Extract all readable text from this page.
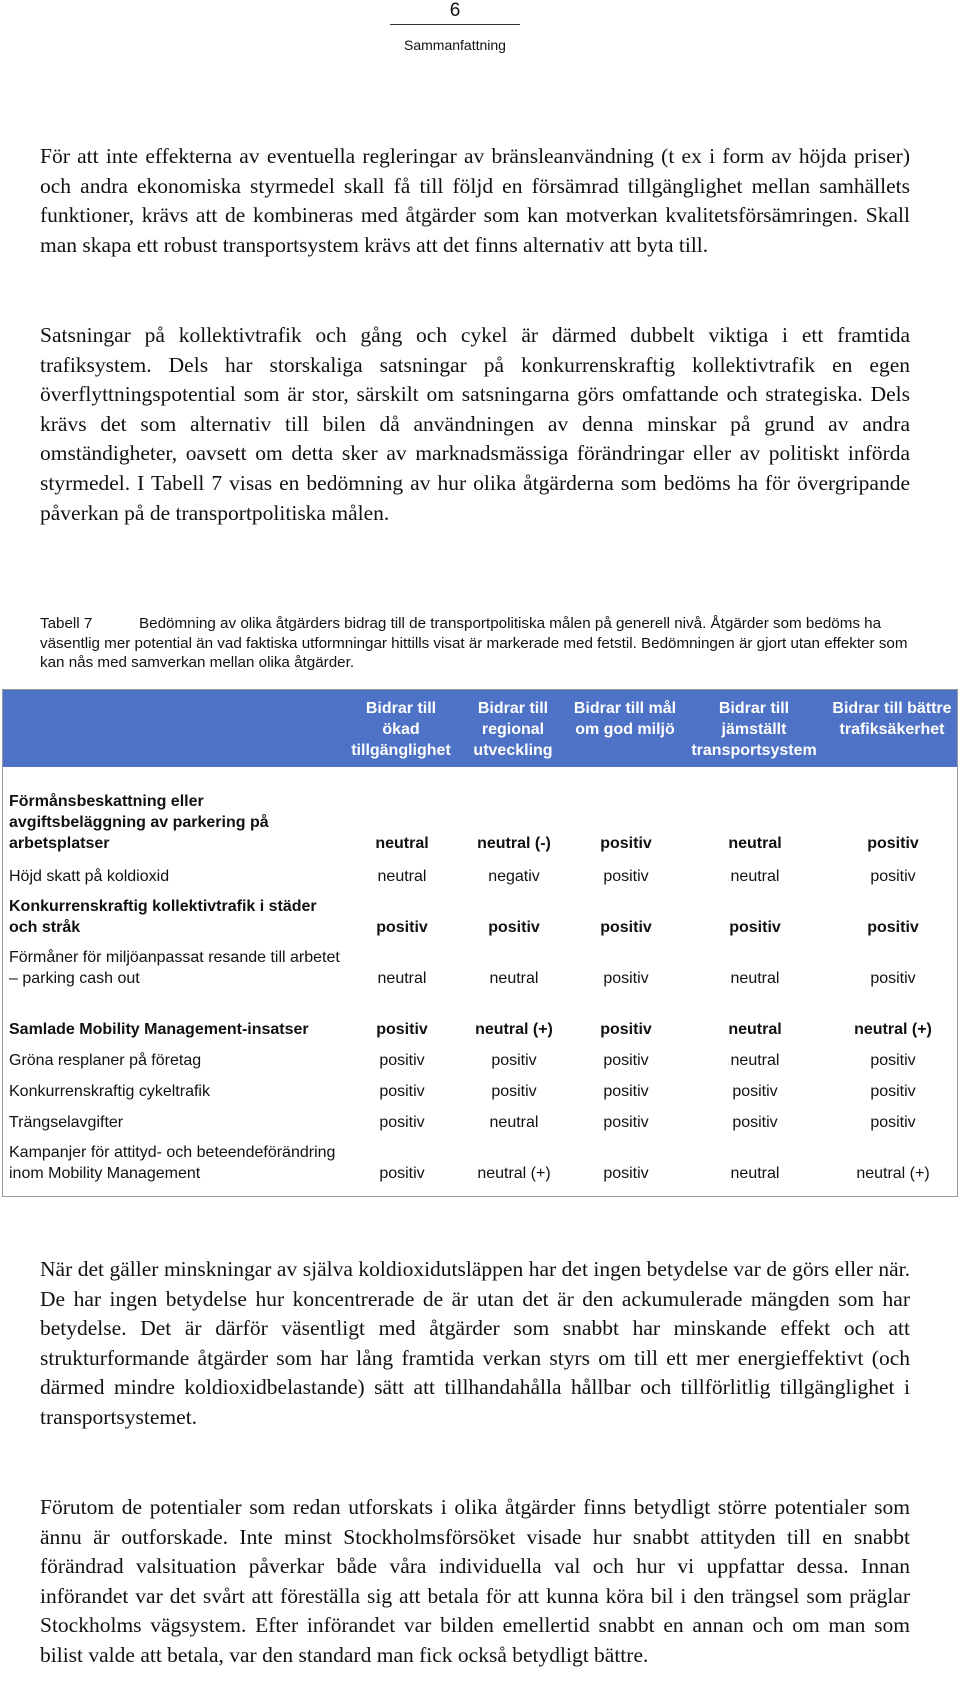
6
Sammanfattning

För att inte effekterna av eventuella regleringar av bränsleanvändning (t ex i form av höjda priser) och andra ekonomiska styrmedel skall få till följd en försämrad tillgänglighet mellan samhällets funktioner, krävs att de kombineras med åtgärder som kan motverkan kvalitetsförsämringen. Skall man skapa ett robust transportsystem krävs att det finns alternativ att byta till.

Satsningar på kollektivtrafik och gång och cykel är därmed dubbelt viktiga i ett framtida trafiksystem. Dels har storskaliga satsningar på konkurrenskraftig kollektivtrafik en egen överflyttningspotential som är stor, särskilt om satsningarna görs omfattande och strategiska. Dels krävs det som alternativ till bilen då användningen av denna minskar på grund av andra omständigheter, oavsett om detta sker av marknadsmässiga förändringar eller av politiskt införda styrmedel. I Tabell 7 visas en bedömning av hur olika åtgärderna som bedöms ha för övergripande påverkan på de transportpolitiska målen.

Tabell 7	Bedömning av olika åtgärders bidrag till de transportpolitiska målen på generell nivå. Åtgärder som bedöms ha väsentlig mer potential än vad faktiska utformningar hittills visat är markerade med fetstil. Bedömningen är gjort utan effekter som kan nås med samverkan mellan olika åtgärder.

	Bidrar till ökad tillgänglighet	Bidrar till regional utveckling	Bidrar till mål om god miljö	Bidrar till jämställt transportsystem	Bidrar till bättre trafiksäkerhet
Förmånsbeskattning eller avgiftsbeläggning av parkering på arbetsplatser	neutral	neutral (-)	positiv	neutral	positiv
Höjd skatt på koldioxid	neutral	negativ	positiv	neutral	positiv
Konkurrenskraftig kollektivtrafik i städer och stråk	positiv	positiv	positiv	positiv	positiv
Förmåner för miljöanpassat resande till arbetet – parking cash out	neutral	neutral	positiv	neutral	positiv
Samlade Mobility Management-insatser	positiv	neutral (+)	positiv	neutral	neutral (+)
Gröna resplaner på företag	positiv	positiv	positiv	neutral	positiv
Konkurrenskraftig cykeltrafik	positiv	positiv	positiv	positiv	positiv
Trängselavgifter	positiv	neutral	positiv	positiv	positiv
Kampanjer för attityd- och beteendeförändring inom Mobility Management	positiv	neutral (+)	positiv	neutral	neutral (+)

När det gäller minskningar av själva koldioxidutsläppen har det ingen betydelse var de görs eller när. De har ingen betydelse hur koncentrerade de är utan det är den ackumulerade mängden som har betydelse. Det är därför väsentligt med åtgärder som snabbt har minskande effekt och att strukturformande åtgärder som har lång framtida verkan styrs om till ett mer energieffektivt (och därmed mindre koldioxidbelastande) sätt att tillhandahålla hållbar och tillförlitlig tillgänglighet i transportsystemet.

Förutom de potentialer som redan utforskats i olika åtgärder finns betydligt större potentialer som ännu är outforskade. Inte minst Stockholmsförsöket visade hur snabbt attityden till en snabbt förändrad valsituation påverkar både våra individuella val och hur vi uppfattar dessa. Innan införandet var det svårt att föreställa sig att betala för att kunna köra bil i den trängsel som präglar Stockholms vägsystem. Efter införandet var bilden emellertid snabbt en annan och om man som bilist valde att betala, var den standard man fick också betydligt bättre.
